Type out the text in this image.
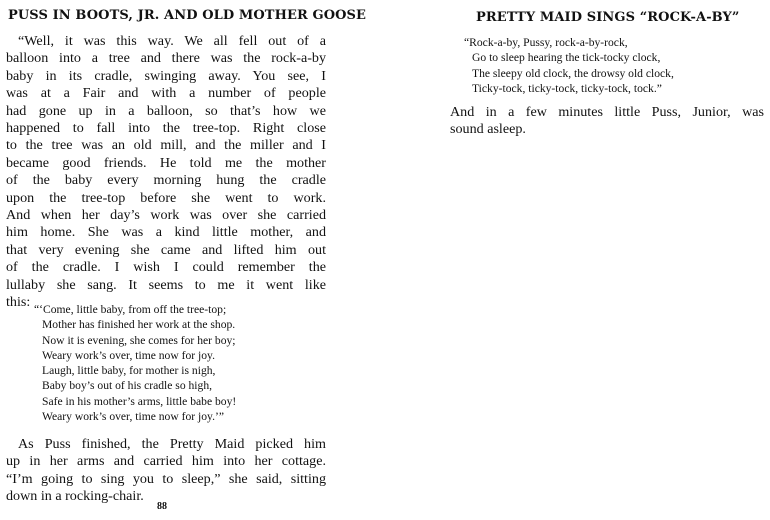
PUSS IN BOOTS, JR. AND OLD MOTHER GOOSE
“Well, it was this way. We all fell out of a
balloon into a tree and there was the rock-a-by
baby in its cradle, swinging away. You see, I
was at a Fair and with a number of people
had gone up in a balloon, so that’s how we
happened to fall into the tree-top. Right close
to the tree was an old mill, and the miller and I
became good friends. He told me the mother
of the baby every morning hung the cradle
upon the tree-top before she went to work.
And when her day’s work was over she carried
him home. She was a kind little mother, and
that very evening she came and lifted him out
of the cradle. I wish I could remember the
lullaby she sang. It seems to me it went like
this: “‘Come, little baby, from off the tree-top;
Mother has finished her work at the shop.
Now it is evening, she comes for her boy;
Weary work’s over, time now for joy.
Laugh, little baby, for mother is nigh,
Baby boy’s out of his cradle so high,
Safe in his mother’s arms, little babe boy!
Weary work’s over, time now for joy.’”
As Puss finished, the Pretty Maid picked him
up in her arms and carried him into her cottage.
“I’m going to sing you to sleep,” she said, sitting
down in a rocking-chair.
88
PRETTY MAID SINGS “ROCK-A-BY”
“Rock-a-by, Pussy, rock-a-by-rock,
Go to sleep hearing the tick-tocky clock,
The sleepy old clock, the drowsy old clock,
Ticky-tock, ticky-tock, ticky-tock, tock.”
And in a few minutes little Puss, Junior, was
sound asleep.
